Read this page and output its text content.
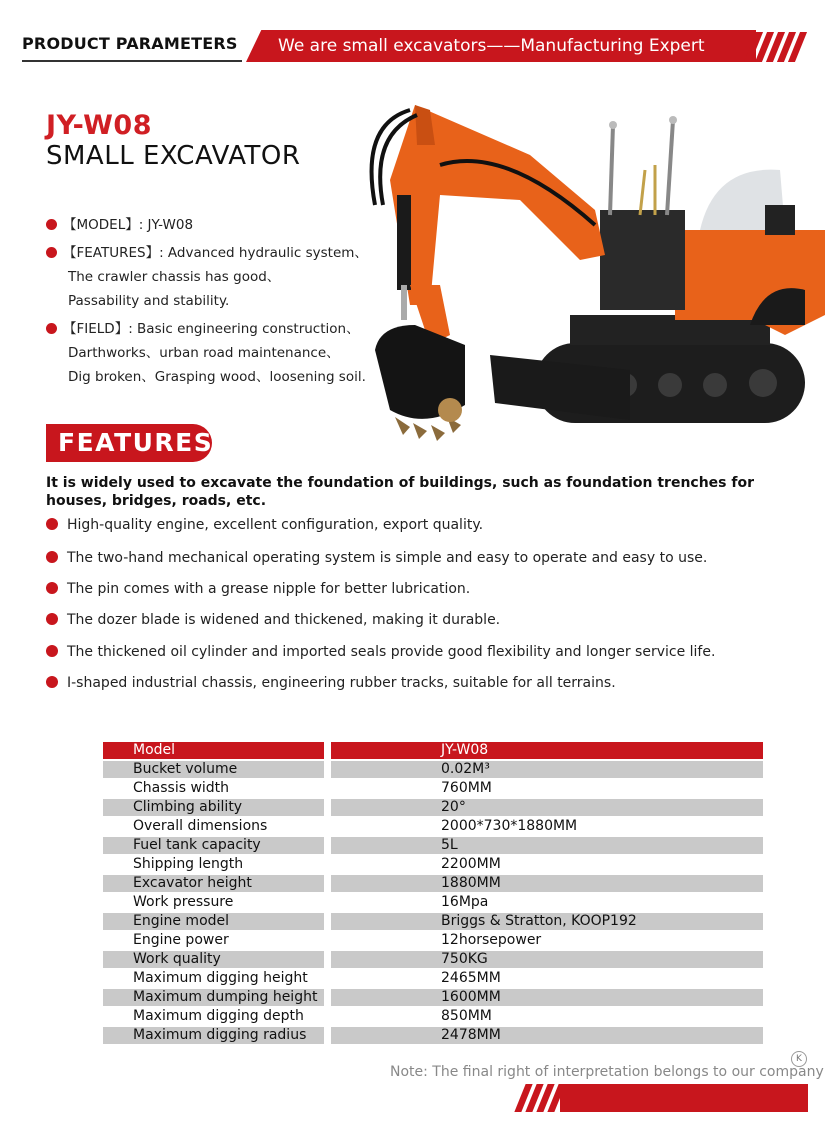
PRODUCT PARAMETERS We are small excavators——Manufacturing Expert
JY-W08
SMALL EXCAVATOR
【MODEL】: JY-W08
【FEATURES】: Advanced hydraulic system、
The crawler chassis has good、
Passability and stability.
【FIELD】: Basic engineering construction、
Darthworks、urban road maintenance、
Dig broken、Grasping wood、loosening soil.
FEATURES
It is widely used to excavate the foundation of buildings, such as foundation trenches for houses, bridges, roads, etc.
High-quality engine, excellent configuration, export quality.
The two-hand mechanical operating system is simple and easy to operate and easy to use.
The pin comes with a grease nipple for better lubrication.
The dozer blade is widened and thickened, making it durable.
The thickened oil cylinder and imported seals provide good flexibility and longer service life.
I-shaped industrial chassis, engineering rubber tracks, suitable for all terrains.
Model	JY-W08
Bucket volume	0.02M³
Chassis width	760MM
Climbing ability	20°
Overall dimensions	2000*730*1880MM
Fuel tank capacity	5L
Shipping length	2200MM
Excavator height	1880MM
Work pressure	16Mpa
Engine model	Briggs & Stratton, KOOP192
Engine power	12horsepower
Work quality	750KG
Maximum digging height	2465MM
Maximum dumping height	1600MM
Maximum digging depth	850MM
Maximum digging radius	2478MM
K
Note: The final right of interpretation belongs to our company
